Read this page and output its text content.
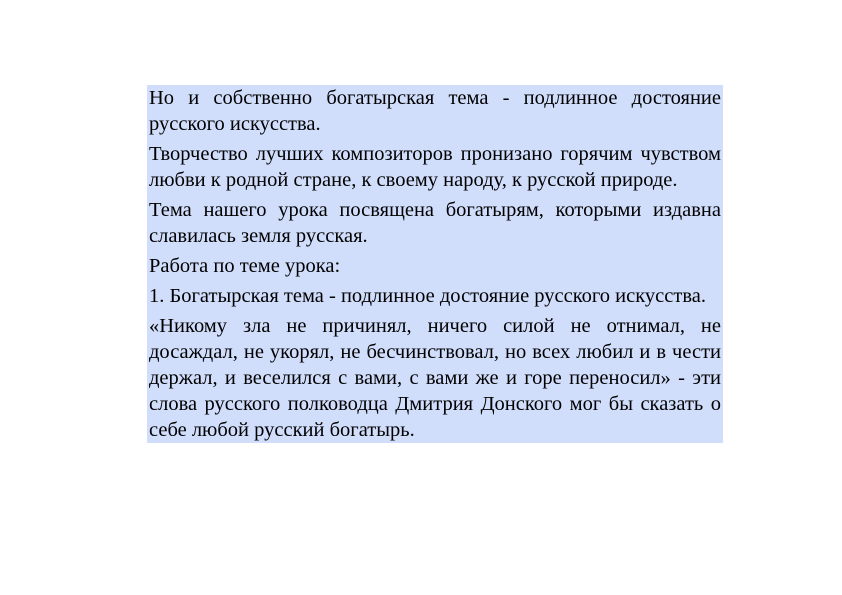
Но и собственно богатырская тема - подлинное достояние русского искусства.

Творчество лучших композиторов пронизано горячим чувством любви к родной стране, к своему народу, к русской природе.

Тема нашего урока посвящена богатырям, которыми издавна славилась земля русская.

Работа по теме урока:

1. Богатырская тема - подлинное достояние русского искусства.

«Никому зла не причинял, ничего силой не отнимал, не досаждал, не укорял, не бесчинствовал, но всех любил и в чести держал, и веселился с вами, с вами же и горе переносил» - эти слова русского полководца Дмитрия Донского мог бы сказать о себе любой русский богатырь.
